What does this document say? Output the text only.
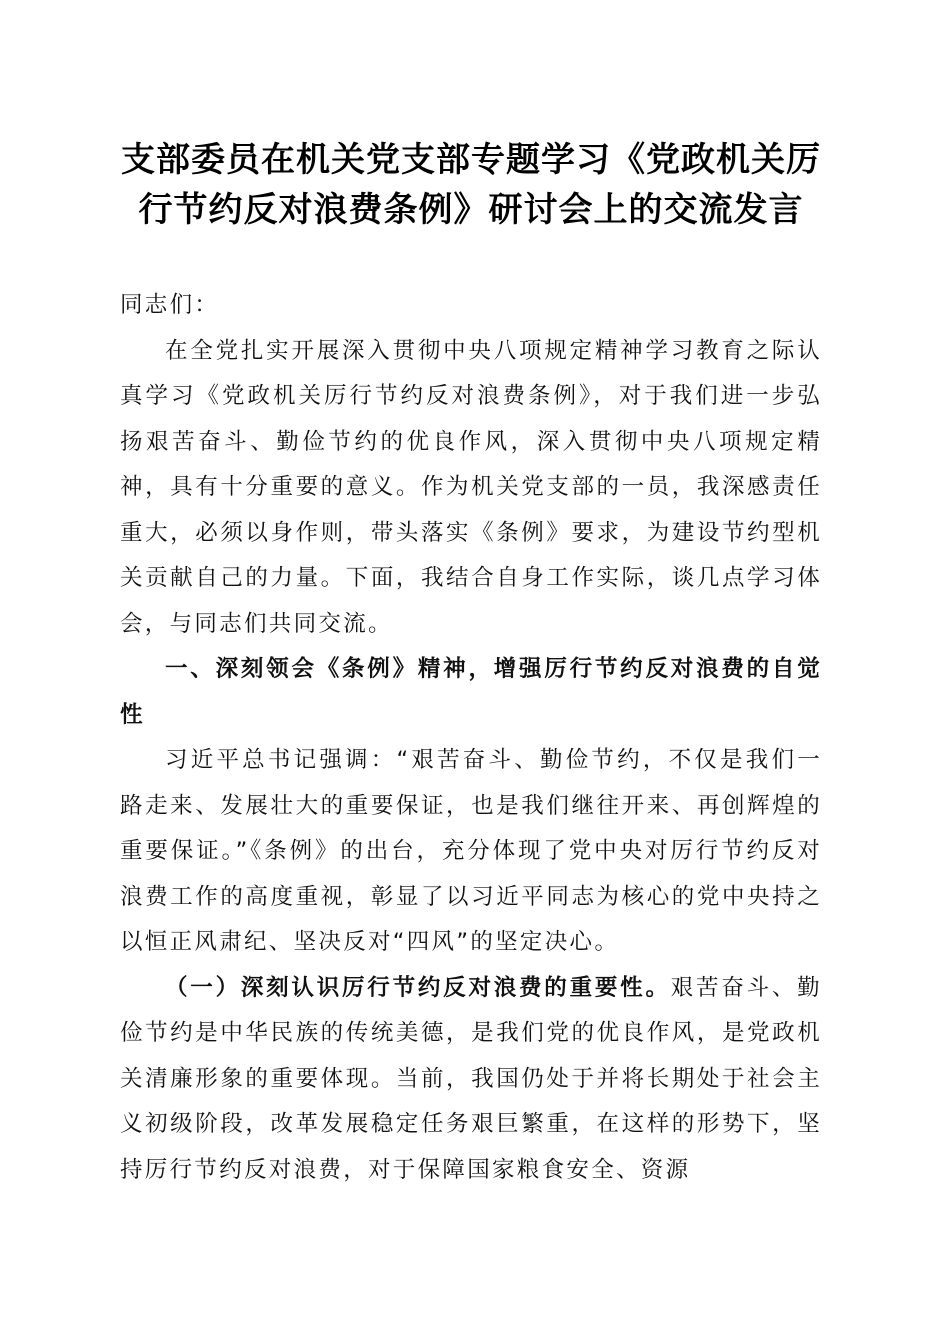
支部委员在机关党支部专题学习《党政机关厉
行节约反对浪费条例》研讨会上的交流发言

同志们：

在全党扎实开展深入贯彻中央八项规定精神学习教育之际认真学习《党政机关厉行节约反对浪费条例》，对于我们进一步弘扬艰苦奋斗、勤俭节约的优良作风，深入贯彻中央八项规定精神，具有十分重要的意义。作为机关党支部的一员，我深感责任重大，必须以身作则，带头落实《条例》要求，为建设节约型机关贡献自己的力量。下面，我结合自身工作实际，谈几点学习体会，与同志们共同交流。

一、深刻领会《条例》精神，增强厉行节约反对浪费的自觉性

习近平总书记强调：“艰苦奋斗、勤俭节约，不仅是我们一路走来、发展壮大的重要保证，也是我们继往开来、再创辉煌的重要保证。”《条例》的出台，充分体现了党中央对厉行节约反对浪费工作的高度重视，彰显了以习近平同志为核心的党中央持之以恒正风肃纪、坚决反对“四风”的坚定决心。

（一）深刻认识厉行节约反对浪费的重要性。艰苦奋斗、勤俭节约是中华民族的传统美德，是我们党的优良作风，是党政机关清廉形象的重要体现。当前，我国仍处于并将长期处于社会主义初级阶段，改革发展稳定任务艰巨繁重，在这样的形势下，坚持厉行节约反对浪费，对于保障国家粮食安全、资源
